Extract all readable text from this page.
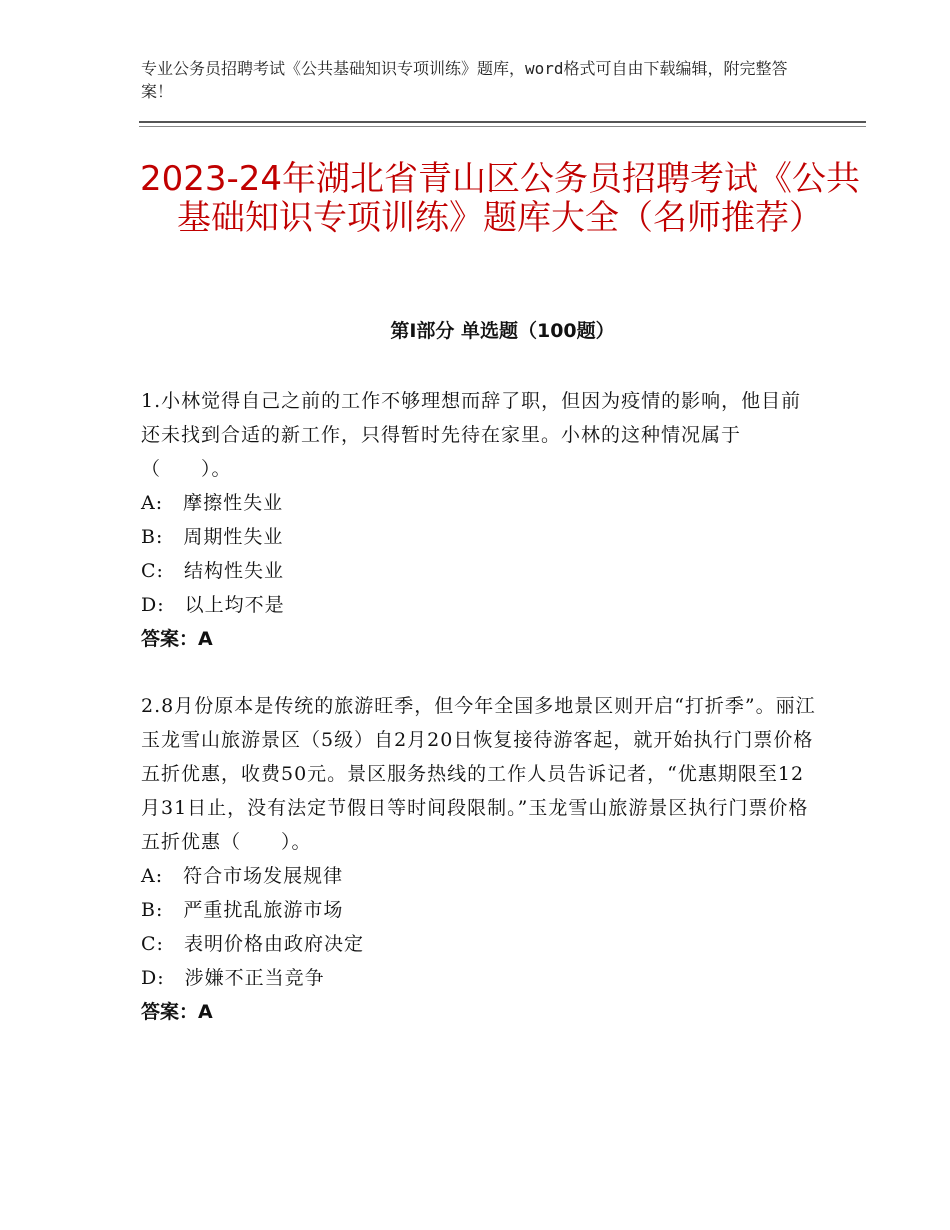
专业公务员招聘考试《公共基础知识专项训练》题库，word格式可自由下载编辑，附完整答案！
2023-24年湖北省青山区公务员招聘考试《公共基础知识专项训练》题库大全（名师推荐）
第Ⅰ部分 单选题（100题）

1.小林觉得自己之前的工作不够理想而辞了职，但因为疫情的影响，他目前还未找到合适的新工作，只得暂时先待在家里。小林的这种情况属于（　　）。

A:　摩擦性失业

B:　周期性失业

C:　结构性失业

D:　以上均不是

答案：A

2.8月份原本是传统的旅游旺季，但今年全国多地景区则开启“打折季”。丽江玉龙雪山旅游景区（5级）自2月20日恢复接待游客起，就开始执行门票价格五折优惠，收费50元。景区服务热线的工作人员告诉记者，“优惠期限至12月31日止，没有法定节假日等时间段限制。”玉龙雪山旅游景区执行门票价格五折优惠（　　）。

A:　符合市场发展规律

B:　严重扰乱旅游市场

C:　表明价格由政府决定

D:　涉嫌不正当竞争

答案：A
